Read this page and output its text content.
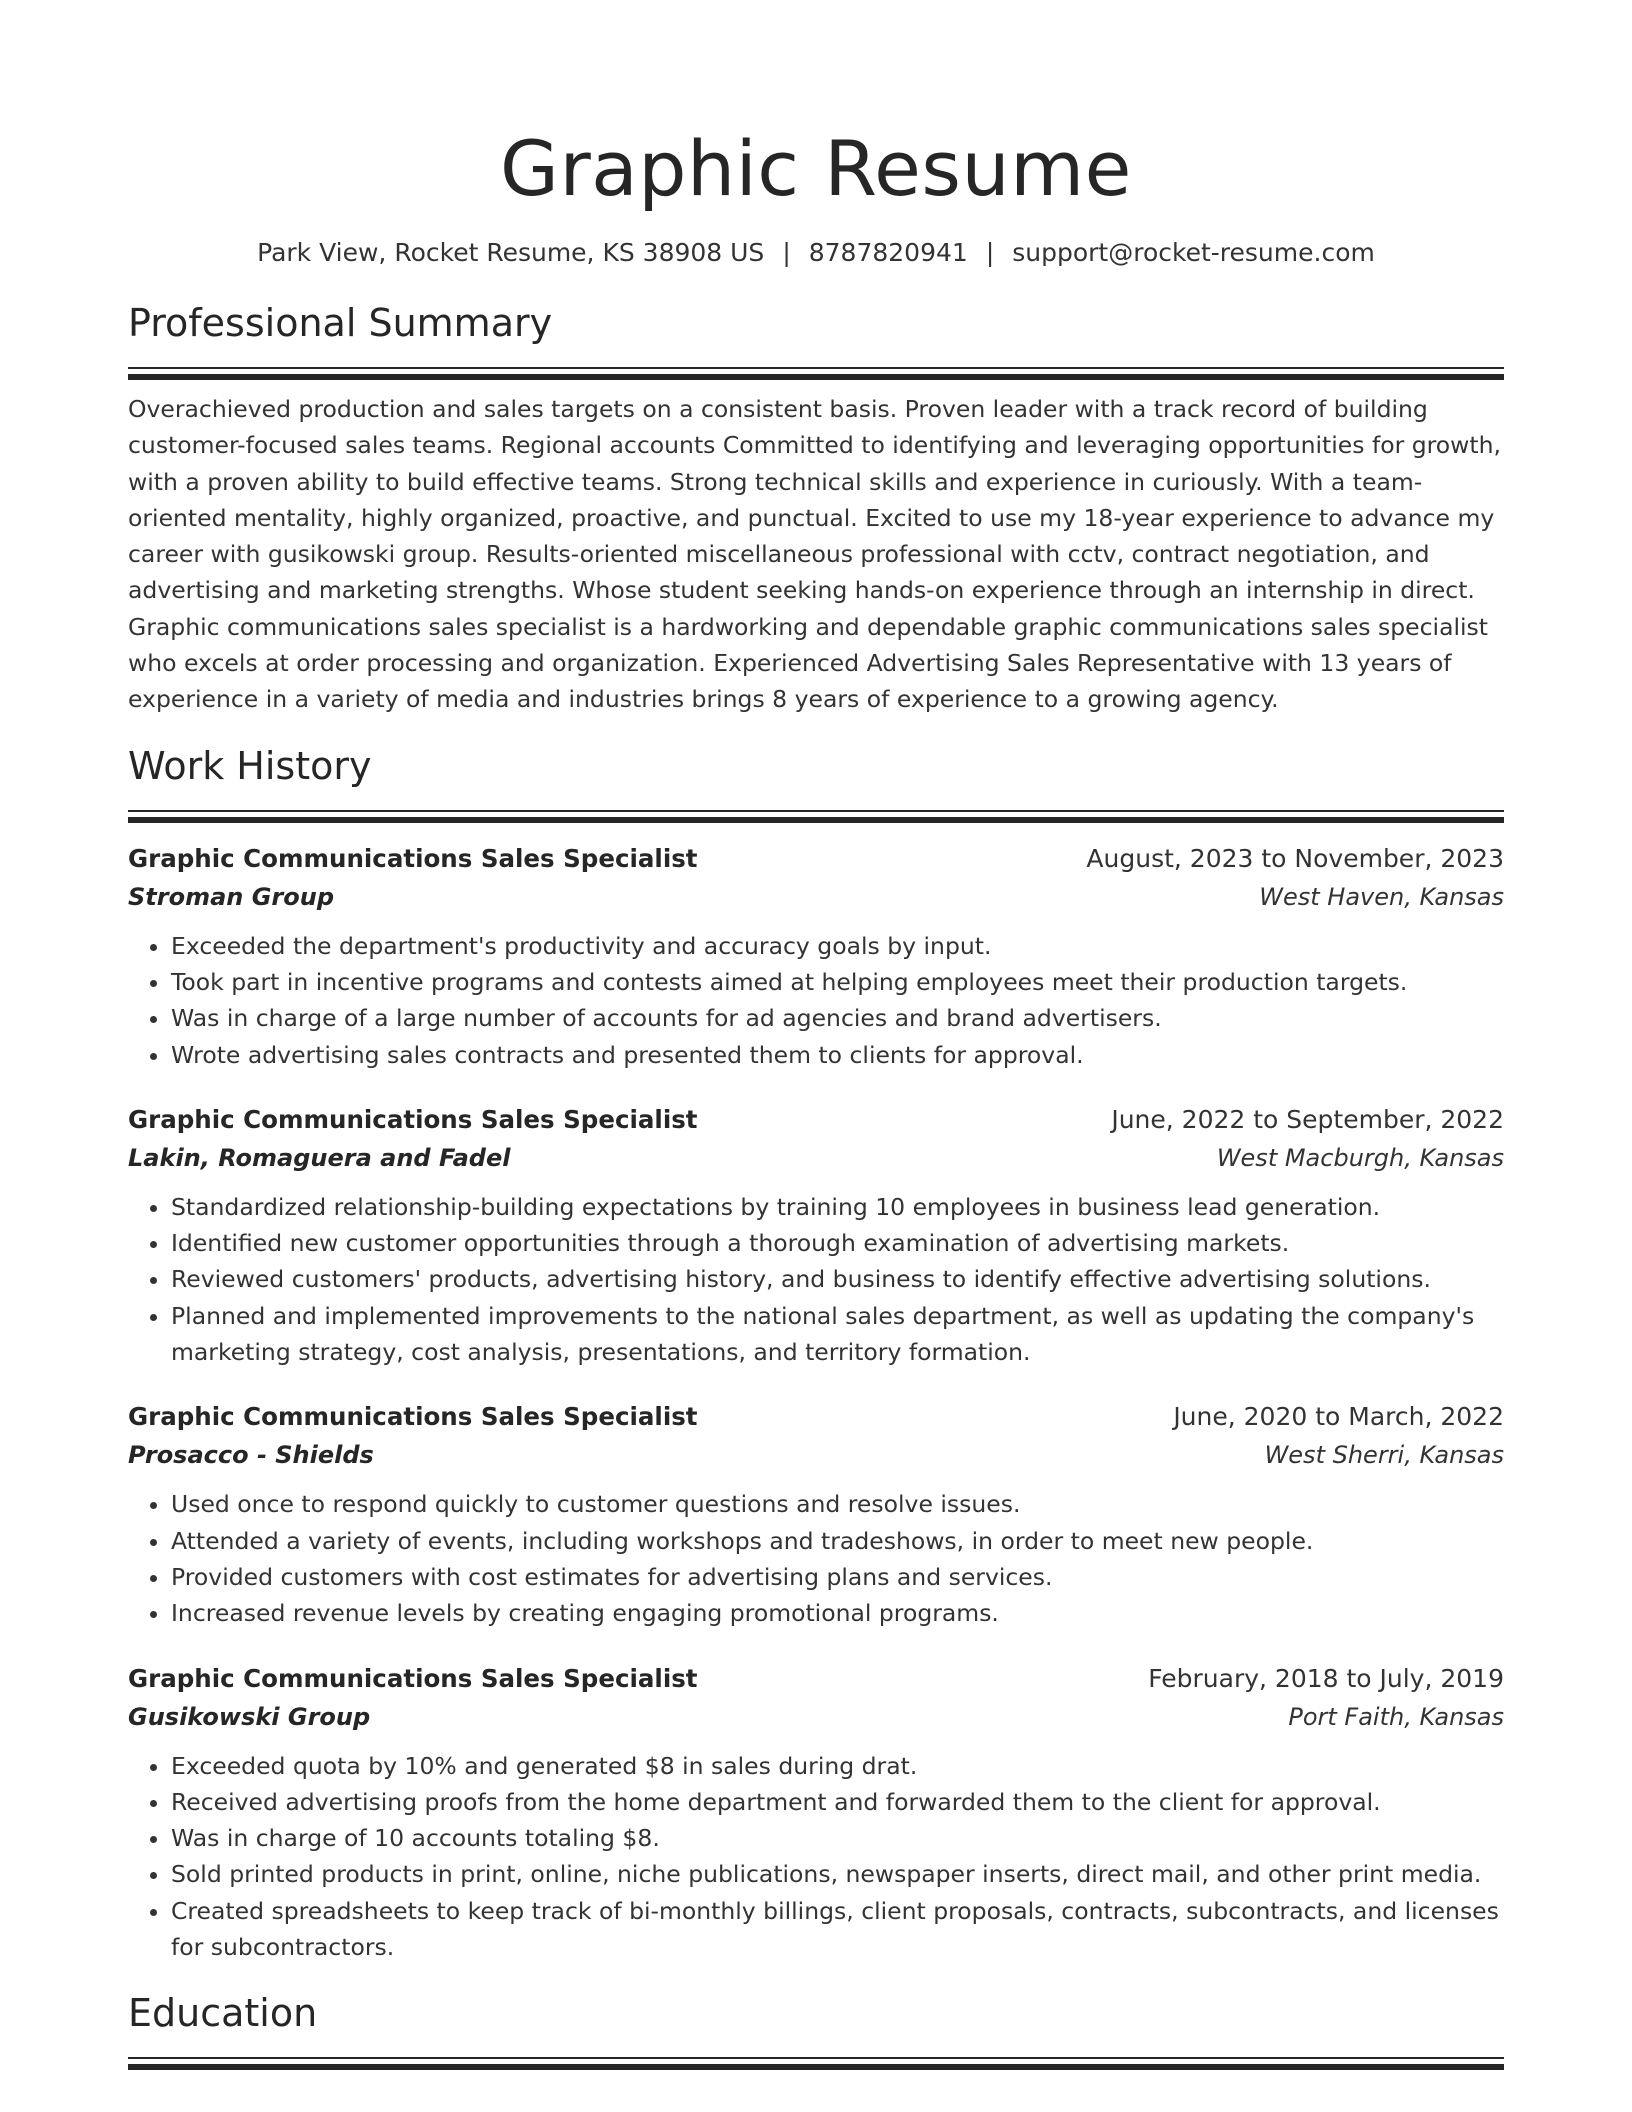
Graphic Resume
Park View, Rocket Resume, KS 38908 US | 8787820941 | support@rocket-resume.com
Professional Summary
Overachieved production and sales targets on a consistent basis. Proven leader with a track record of building customer-focused sales teams. Regional accounts Committed to identifying and leveraging opportunities for growth, with a proven ability to build effective teams. Strong technical skills and experience in curiously. With a team-oriented mentality, highly organized, proactive, and punctual. Excited to use my 18-year experience to advance my career with gusikowski group. Results-oriented miscellaneous professional with cctv, contract negotiation, and advertising and marketing strengths. Whose student seeking hands-on experience through an internship in direct. Graphic communications sales specialist is a hardworking and dependable graphic communications sales specialist who excels at order processing and organization. Experienced Advertising Sales Representative with 13 years of experience in a variety of media and industries brings 8 years of experience to a growing agency.
Work History
Graphic Communications Sales Specialist	August, 2023 to November, 2023
Stroman Group	West Haven, Kansas
• Exceeded the department's productivity and accuracy goals by input.
• Took part in incentive programs and contests aimed at helping employees meet their production targets.
• Was in charge of a large number of accounts for ad agencies and brand advertisers.
• Wrote advertising sales contracts and presented them to clients for approval.
Graphic Communications Sales Specialist	June, 2022 to September, 2022
Lakin, Romaguera and Fadel	West Macburgh, Kansas
• Standardized relationship-building expectations by training 10 employees in business lead generation.
• Identified new customer opportunities through a thorough examination of advertising markets.
• Reviewed customers' products, advertising history, and business to identify effective advertising solutions.
• Planned and implemented improvements to the national sales department, as well as updating the company's marketing strategy, cost analysis, presentations, and territory formation.
Graphic Communications Sales Specialist	June, 2020 to March, 2022
Prosacco - Shields	West Sherri, Kansas
• Used once to respond quickly to customer questions and resolve issues.
• Attended a variety of events, including workshops and tradeshows, in order to meet new people.
• Provided customers with cost estimates for advertising plans and services.
• Increased revenue levels by creating engaging promotional programs.
Graphic Communications Sales Specialist	February, 2018 to July, 2019
Gusikowski Group	Port Faith, Kansas
• Exceeded quota by 10% and generated $8 in sales during drat.
• Received advertising proofs from the home department and forwarded them to the client for approval.
• Was in charge of 10 accounts totaling $8.
• Sold printed products in print, online, niche publications, newspaper inserts, direct mail, and other print media.
• Created spreadsheets to keep track of bi-monthly billings, client proposals, contracts, subcontracts, and licenses for subcontractors.
Education
